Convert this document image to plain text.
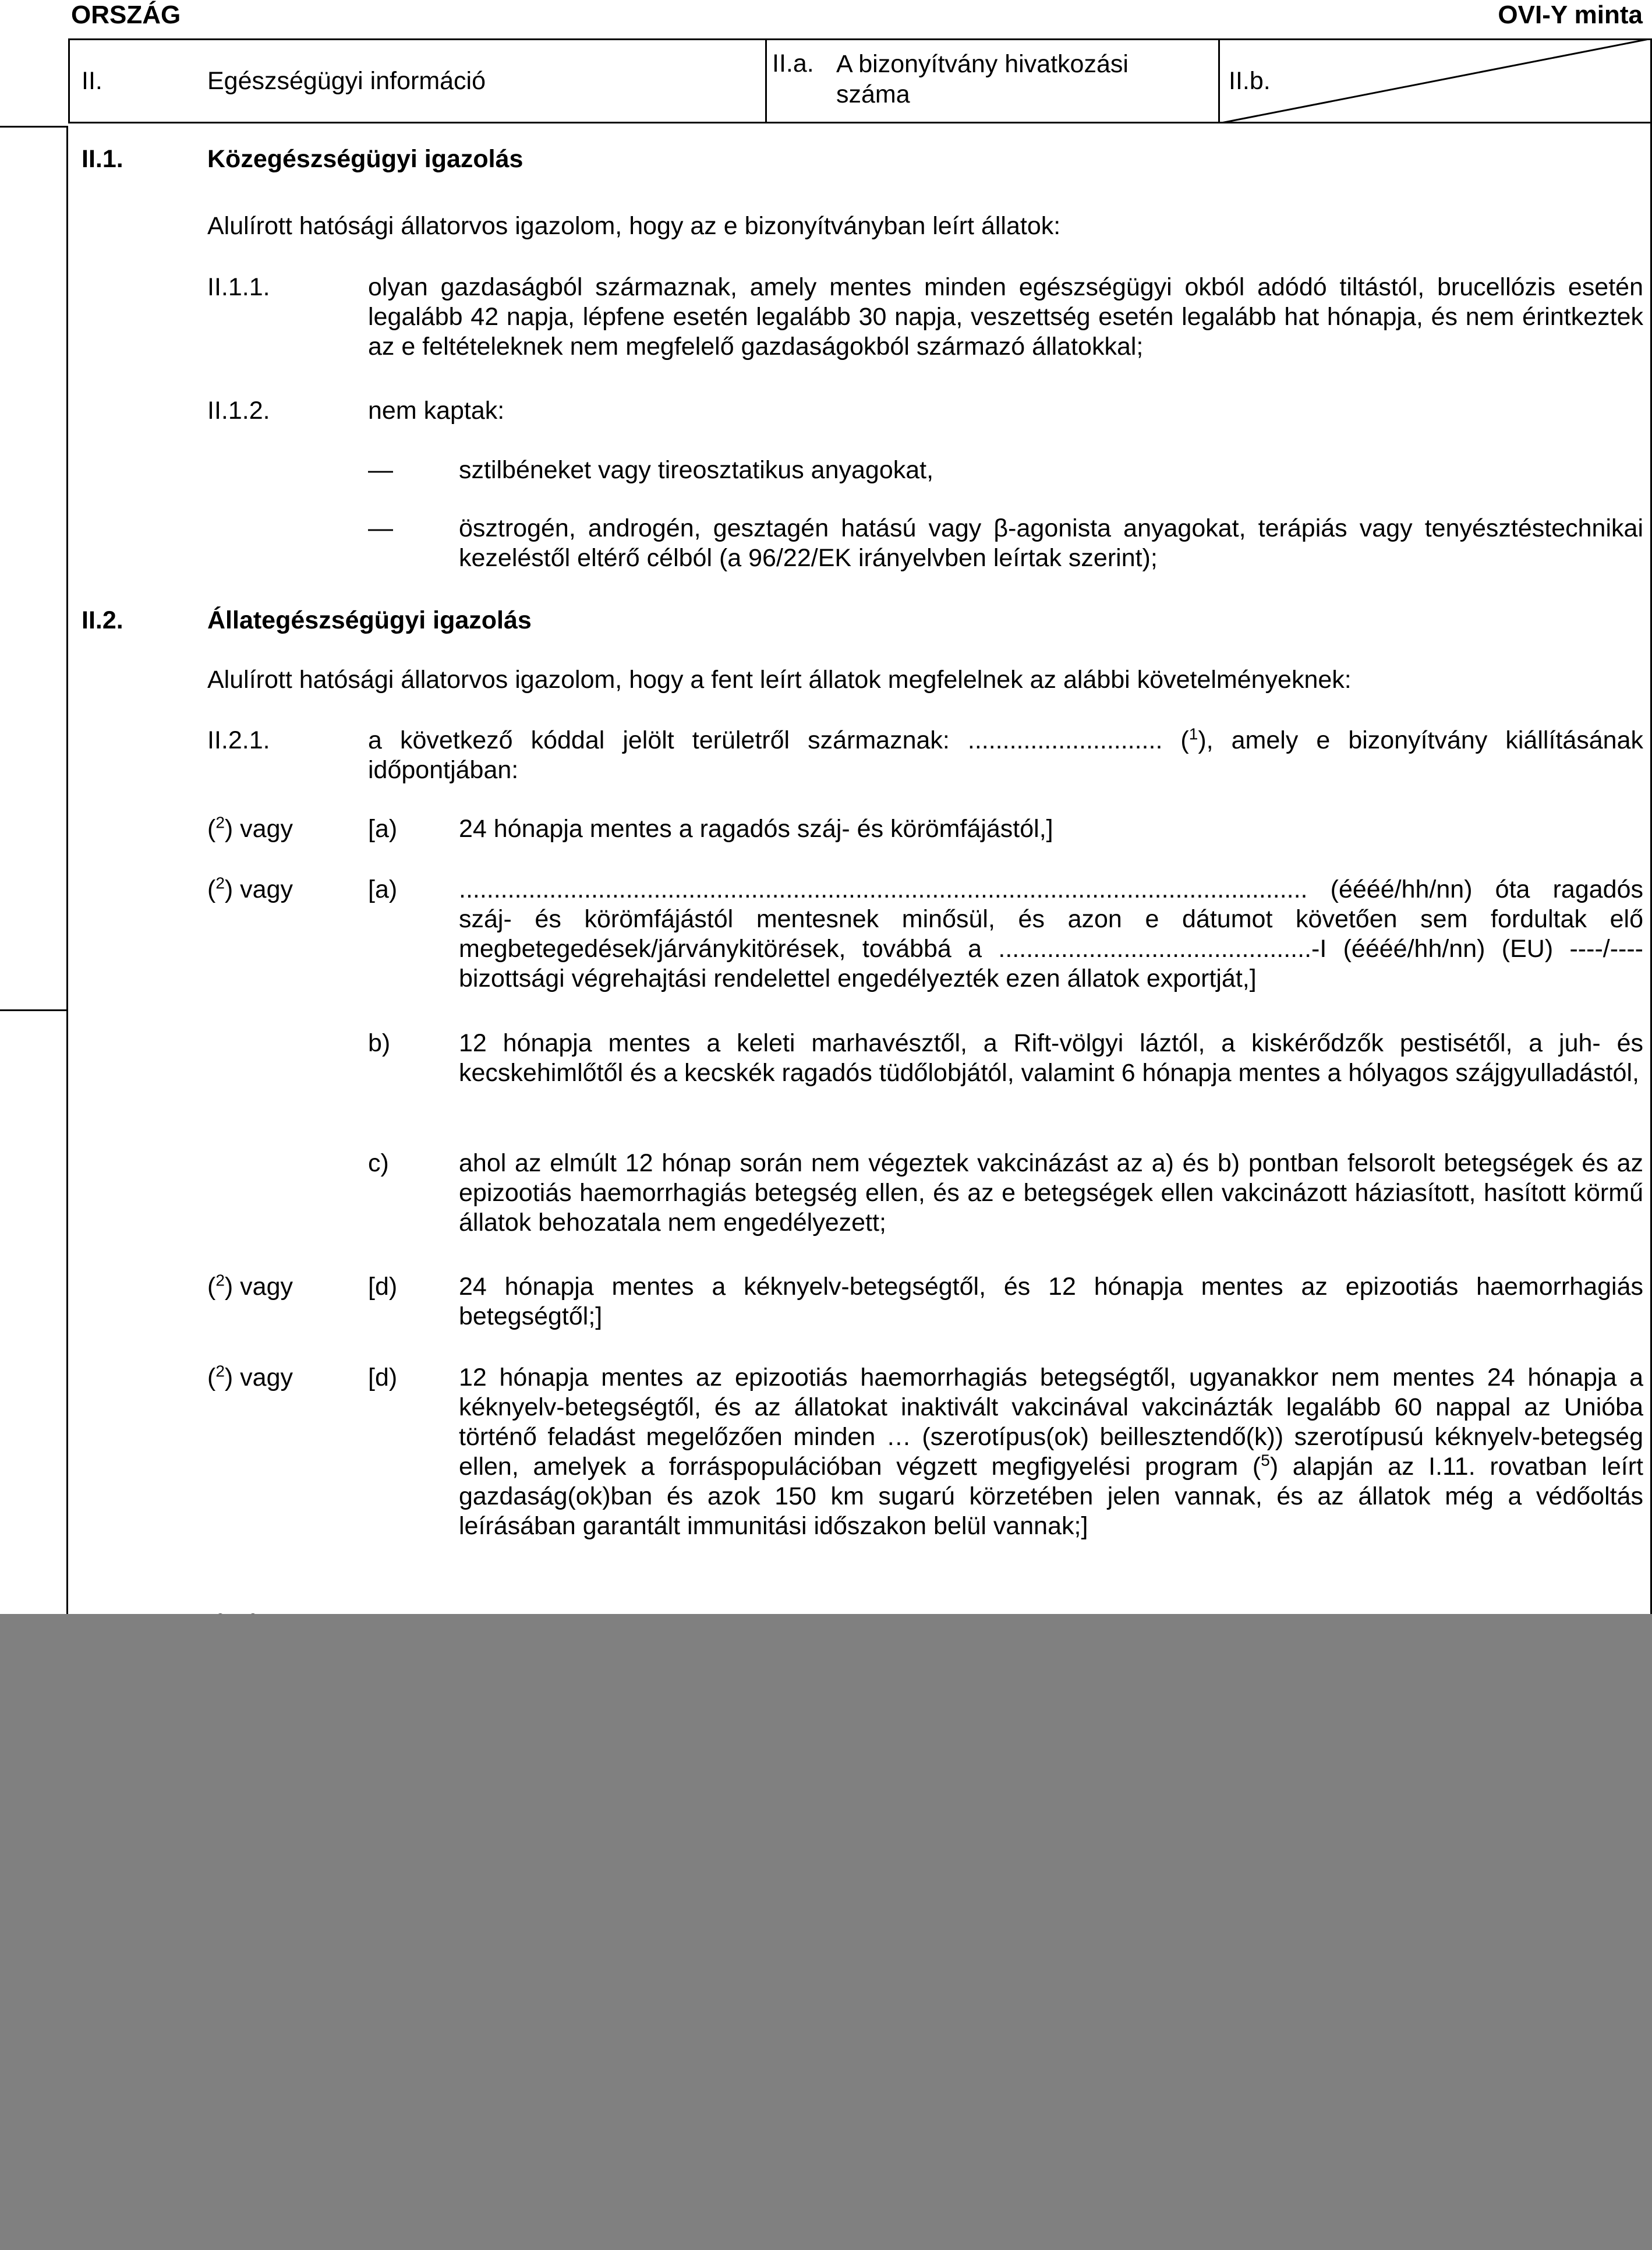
ORSZÁG	OVI-Y minta
II.	Egészségügyi információ
II.a. A bizonyítvány hivatkozási száma	II.b.
II.1.	Közegészségügyi igazolás
Alulírott hatósági állatorvos igazolom, hogy az e bizonyítványban leírt állatok:
II.1.1.	olyan gazdaságból származnak, amely mentes minden egészségügyi okból adódó tiltástól, brucellózis esetén legalább 42 napja, lépfene esetén legalább 30 napja, veszettség esetén legalább hat hónapja, és nem érintkeztek az e feltételeknek nem megfelelő gazdaságokból származó állatokkal;
II.1.2.	nem kaptak:
—	sztilbéneket vagy tireosztatikus anyagokat,
—	ösztrogén, androgén, gesztagén hatású vagy β-agonista anyagokat, terápiás vagy tenyésztéstechnikai kezeléstől eltérő célból (a 96/22/EK irányelvben leírtak szerint);
II.2.	Állategészségügyi igazolás
Alulírott hatósági állatorvos igazolom, hogy a fent leírt állatok megfelelnek az alábbi követelményeknek:
II.2.1.	a következő kóddal jelölt területről származnak: ............................ ($^1$), amely e bizonyítvány kiállításának időpontjában:
($^2$) vagy	[a) 24 hónapja mentes a ragadós száj- és körömfájástól,]
($^2$) vagy	[a) .......................................................................................................................... (éééé/hh/nn) óta ragadós száj- és körömfájástól mentesnek minősül, és azon e dátumot követően sem fordultak elő megbetegedések/járványkitörések, továbbá a .............................................-I (éééé/hh/nn) (EU) ----/---- bizottsági végrehajtási rendelettel engedélyezték ezen állatok exportját,]
b)	12 hónapja mentes a keleti marhavésztől, a Rift-völgyi láztól, a kiskérődzők pestisétől, a juh- és kecskehimlőtől és a kecskék ragadós tüdőlobjától, valamint 6 hónapja mentes a hólyagos szájgyulladástól,
c)	ahol az elmúlt 12 hónap során nem végeztek vakcinázást az a) és b) pontban felsorolt betegségek és az epizootiás haemorrhagiás betegség ellen, és az e betegségek ellen vakcinázott háziasított, hasított körmű állatok behozatala nem engedélyezett;
($^2$) vagy	[d) 24 hónapja mentes a kéknyelv-betegségtől, és 12 hónapja mentes az epizootiás haemorrhagiás betegségtől;]
($^2$) vagy	[d) 12 hónapja mentes az epizootiás haemorrhagiás betegségtől, ugyanakkor nem mentes 24 hónapja a kéknyelv-betegségtől, és az állatokat inaktivált vakcinával vakcinázták legalább 60 nappal az Unióba történő feladást megelőzően minden … (szerotípus(ok) beillesztendő(k)) szerotípusú kéknyelv-betegség ellen, amelyek a forráspopulációban végzett megfigyelési program ($^5$) alapján az I.11. rovatban leírt gazdaság(ok)ban és azok 150 km sugarú körzetében jelen vannak, és az állatok még a védőoltás leírásában garantált immunitási időszakon belül vannak;]
